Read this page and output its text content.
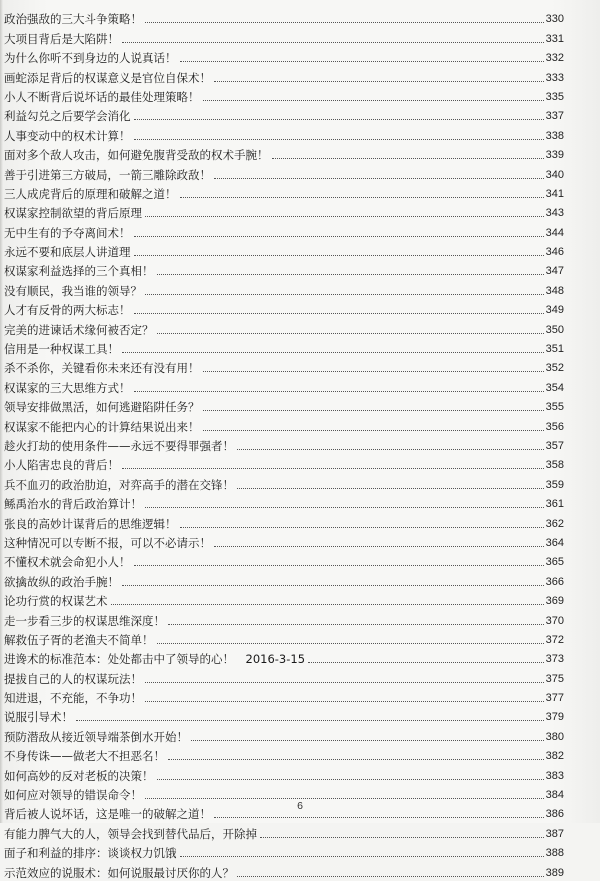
政治强敌的三大斗争策略！	330
大项目背后是大陷阱！	331
为什么你听不到身边的人说真话！	332
画蛇添足背后的权谋意义是官位自保术！	333
小人不断背后说坏话的最佳处理策略！	335
利益勾兑之后要学会消化	337
人事变动中的权术计算！	338
面对多个敌人攻击，如何避免腹背受敌的权术手腕！	339
善于引进第三方破局，一箭三雕除政敌！	340
三人成虎背后的原理和破解之道！	341
权谋家控制欲望的背后原理	343
无中生有的予夺离间术！	344
永远不要和底层人讲道理	346
权谋家利益选择的三个真相！	347
没有顺民，我当谁的领导？	348
人才有反骨的两大标志！	349
完美的进谏话术缘何被否定？	350
信用是一种权谋工具！	351
杀不杀你，关键看你未来还有没有用！	352
权谋家的三大思维方式！	354
领导安排做黑活，如何逃避陷阱任务？	355
权谋家不能把内心的计算结果说出来！	356
趁火打劫的使用条件——永远不要得罪强者！	357
小人陷害忠良的背后！	358
兵不血刃的政治肋迫，对弈高手的潜在交锋！	359
鲧禹治水的背后政治算计！	361
张良的高妙计谋背后的思维逻辑！	362
这种情况可以专断不报，可以不必请示！	364
不懂权术就会命犯小人！	365
欲擒故纵的政治手腕！	366
论功行赏的权谋艺术	369
走一步看三步的权谋思维深度！	370
解救伍子胥的老渔夫不简单！	372
进谗术的标准范本：处处都击中了领导的心！　2016-3-15	373
提拔自己的人的权谋玩法！	375
知进退，不充能，不争功！	377
说服引导术！	379
预防潜敌从接近领导端茶倒水开始！	380
不身传诛——做老大不担恶名！	382
如何高妙的反对老板的决策！	383
如何应对领导的错误命令！	384
背后被人说坏话，这是唯一的破解之道！	386
有能力脾气大的人，领导会找到替代品后，开除掉	387
面子和利益的排序：谈谈权力饥饿	388
示范效应的说服术：如何说服最讨厌你的人？	389
6
